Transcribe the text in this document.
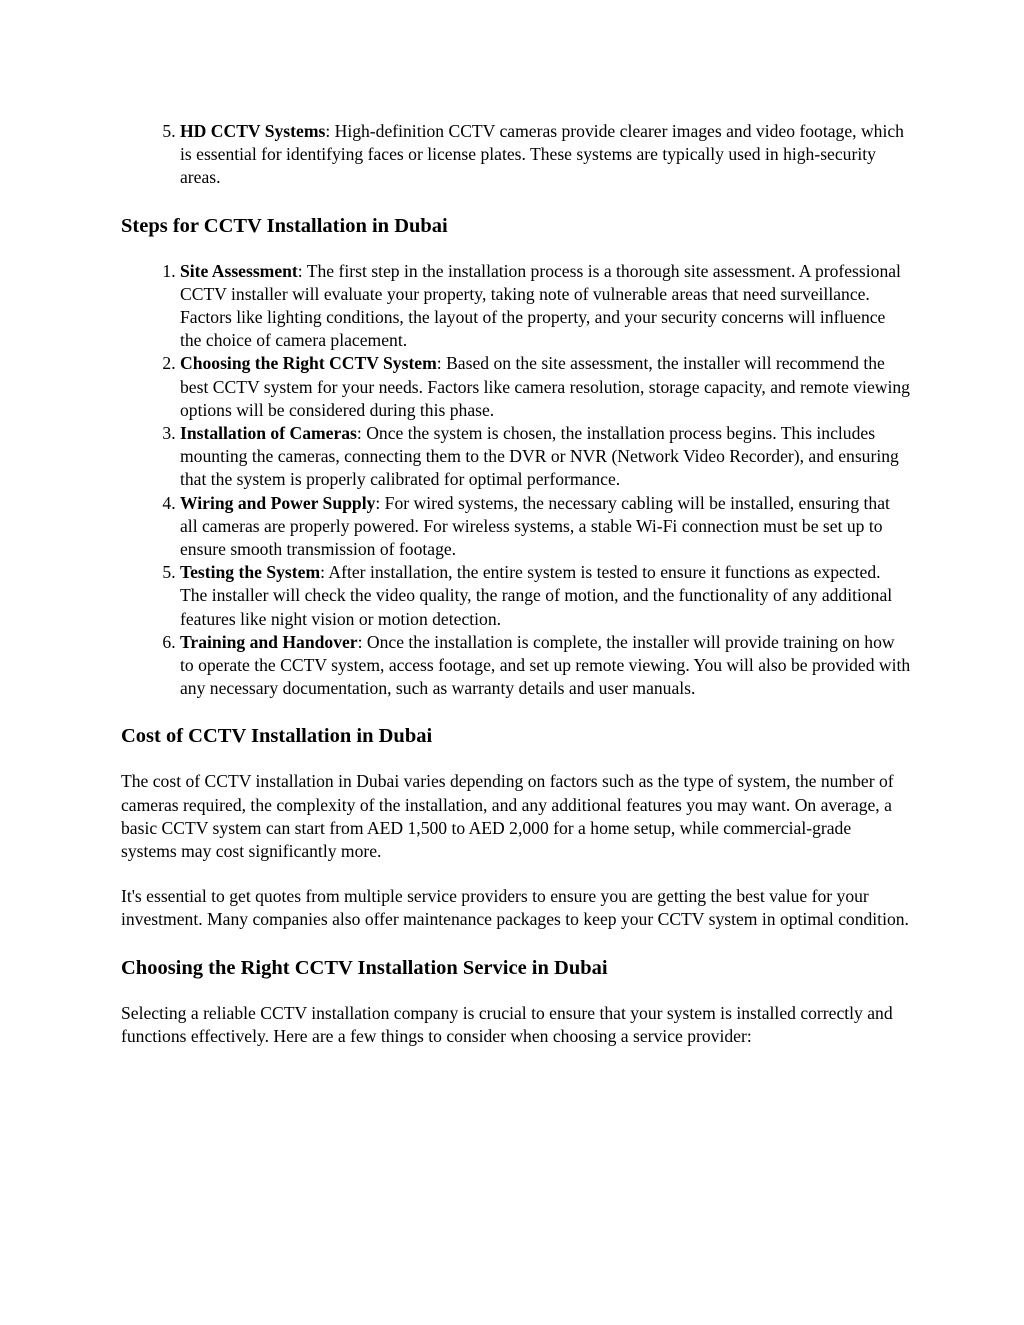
5. HD CCTV Systems: High-definition CCTV cameras provide clearer images and video footage, which is essential for identifying faces or license plates. These systems are typically used in high-security areas.
Steps for CCTV Installation in Dubai
1. Site Assessment: The first step in the installation process is a thorough site assessment. A professional CCTV installer will evaluate your property, taking note of vulnerable areas that need surveillance. Factors like lighting conditions, the layout of the property, and your security concerns will influence the choice of camera placement.
2. Choosing the Right CCTV System: Based on the site assessment, the installer will recommend the best CCTV system for your needs. Factors like camera resolution, storage capacity, and remote viewing options will be considered during this phase.
3. Installation of Cameras: Once the system is chosen, the installation process begins. This includes mounting the cameras, connecting them to the DVR or NVR (Network Video Recorder), and ensuring that the system is properly calibrated for optimal performance.
4. Wiring and Power Supply: For wired systems, the necessary cabling will be installed, ensuring that all cameras are properly powered. For wireless systems, a stable Wi-Fi connection must be set up to ensure smooth transmission of footage.
5. Testing the System: After installation, the entire system is tested to ensure it functions as expected. The installer will check the video quality, the range of motion, and the functionality of any additional features like night vision or motion detection.
6. Training and Handover: Once the installation is complete, the installer will provide training on how to operate the CCTV system, access footage, and set up remote viewing. You will also be provided with any necessary documentation, such as warranty details and user manuals.
Cost of CCTV Installation in Dubai

The cost of CCTV installation in Dubai varies depending on factors such as the type of system, the number of cameras required, the complexity of the installation, and any additional features you may want. On average, a basic CCTV system can start from AED 1,500 to AED 2,000 for a home setup, while commercial-grade systems may cost significantly more.

It's essential to get quotes from multiple service providers to ensure you are getting the best value for your investment. Many companies also offer maintenance packages to keep your CCTV system in optimal condition.

Choosing the Right CCTV Installation Service in Dubai

Selecting a reliable CCTV installation company is crucial to ensure that your system is installed correctly and functions effectively. Here are a few things to consider when choosing a service provider:
